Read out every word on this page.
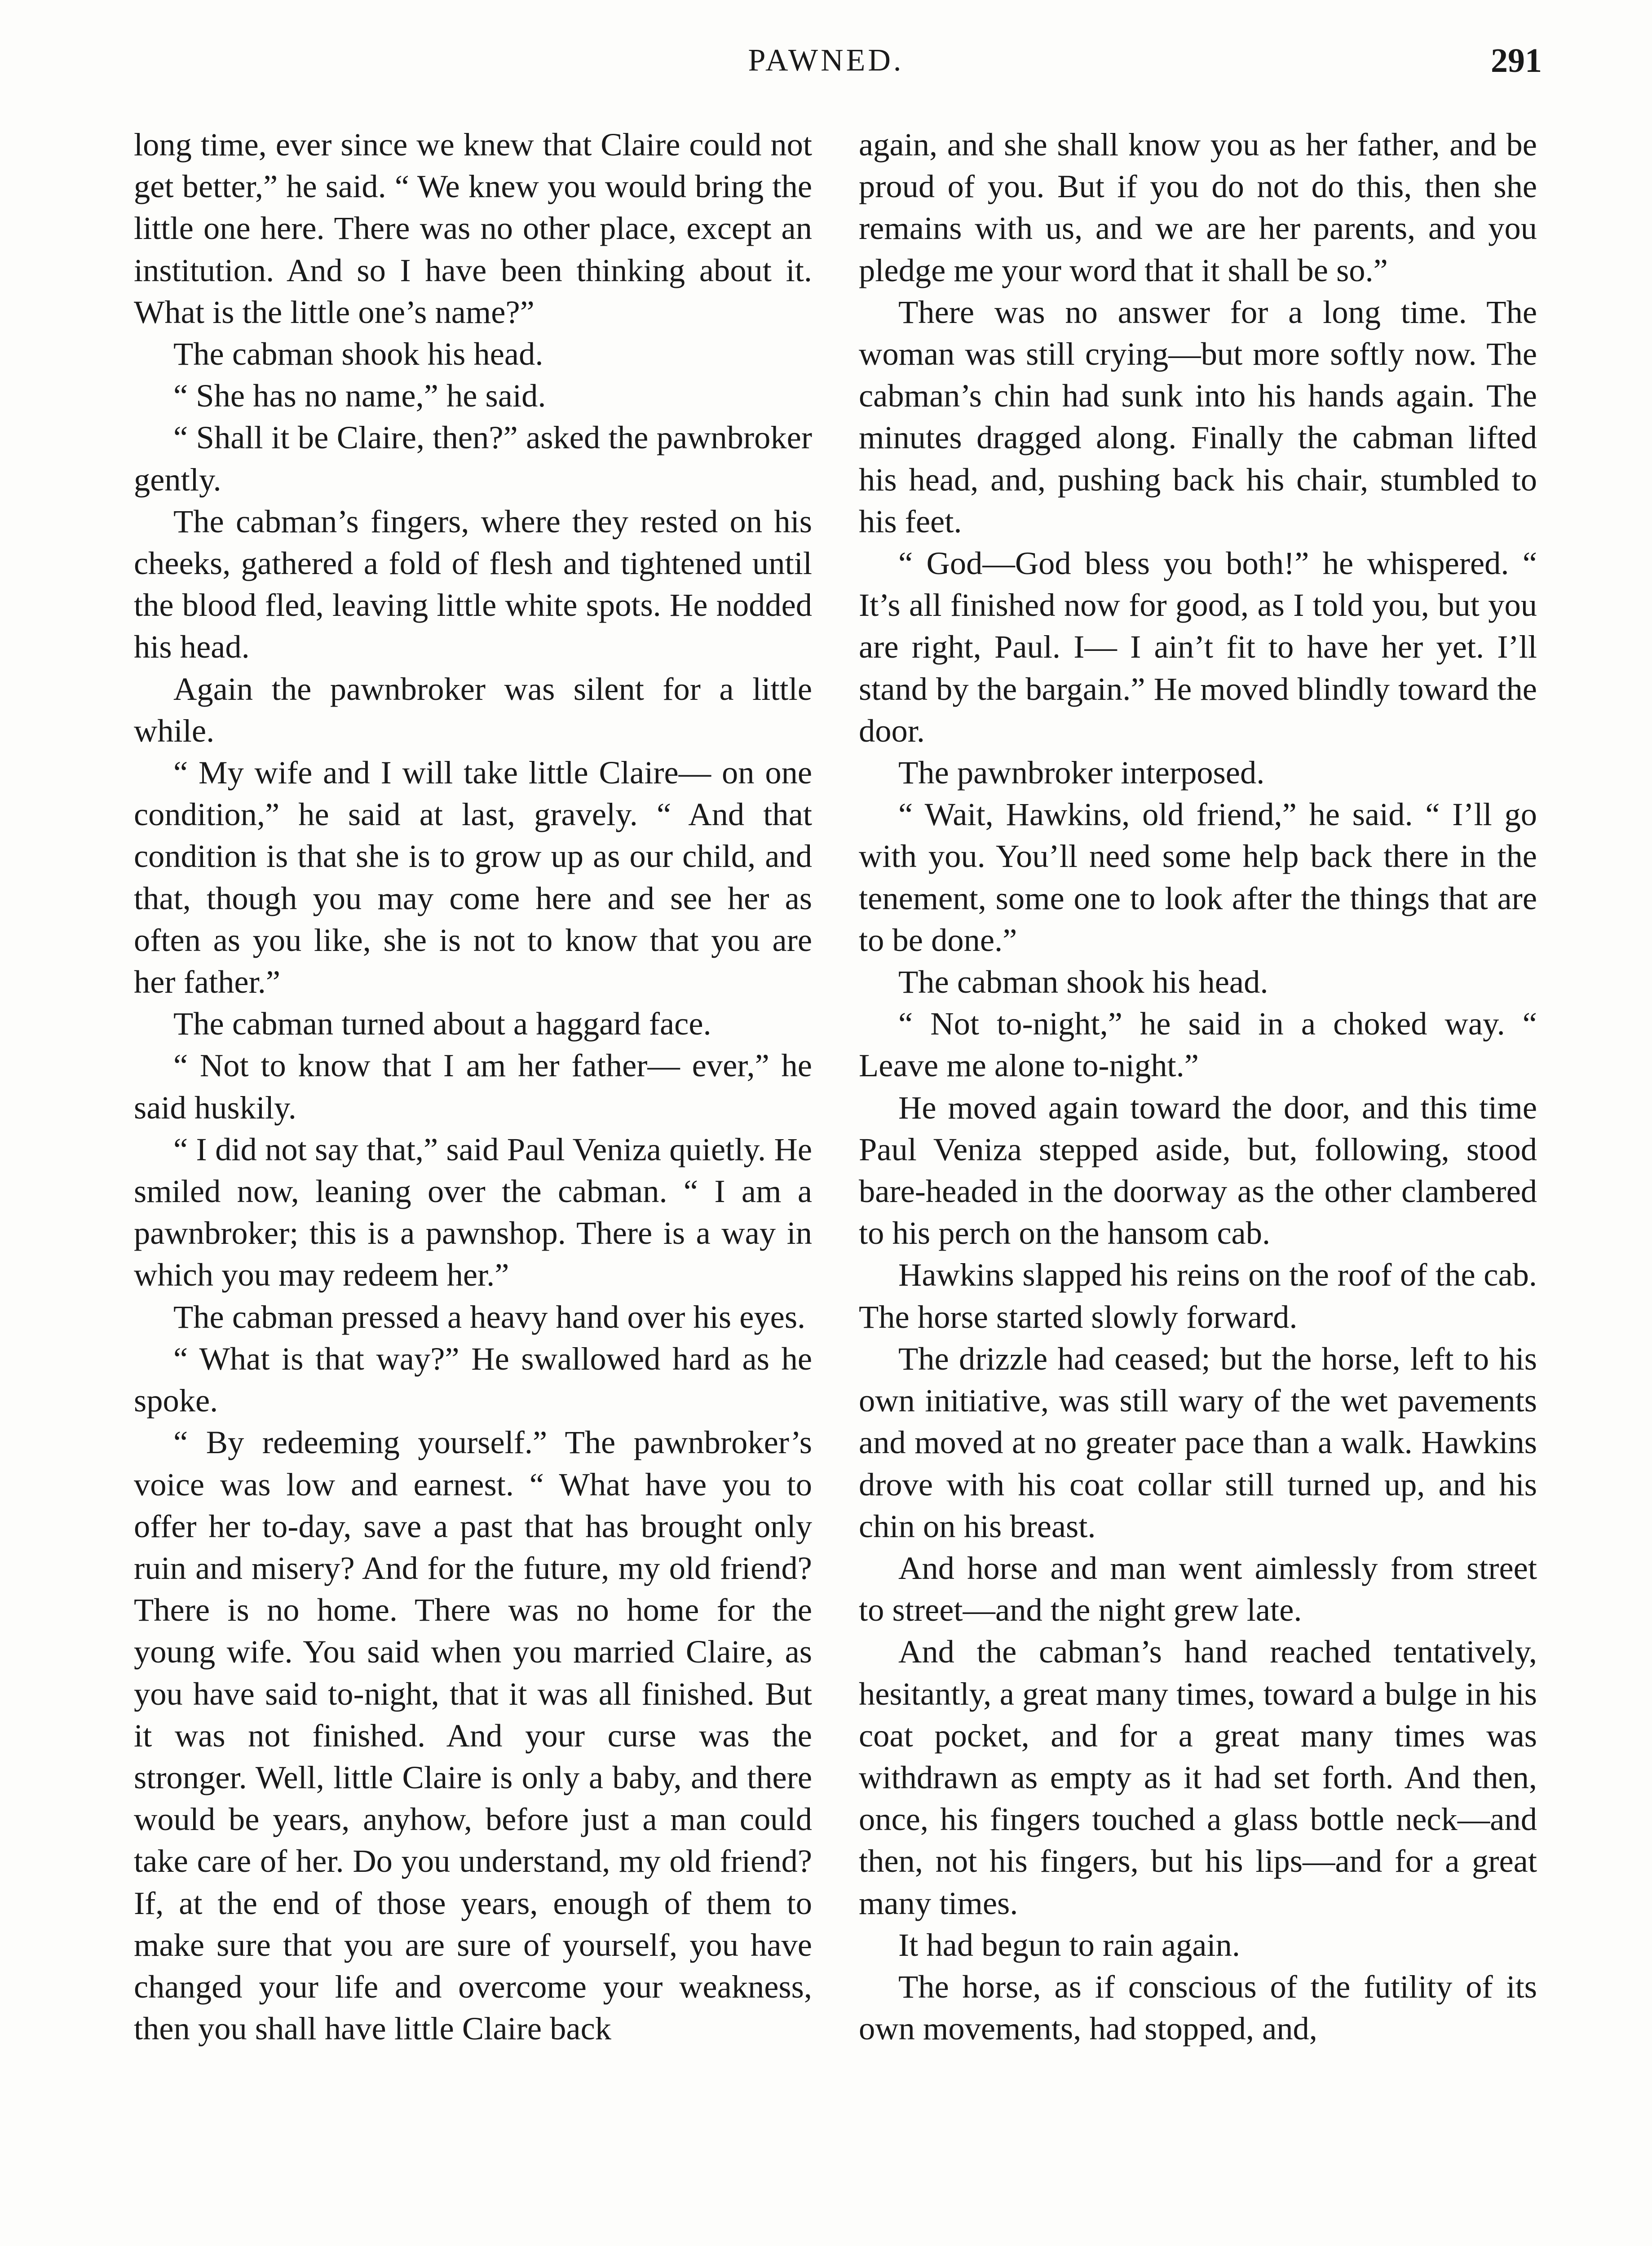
PAWNED.	291

long time, ever since we knew that Claire could not get better,” he said. “ We knew you would bring the little one here. There was no other place, except an institution. And so I have been thinking about it. What is the little one’s name?”

The cabman shook his head.

“ She has no name,” he said.

“ Shall it be Claire, then?” asked the pawnbroker gently.

The cabman’s fingers, where they rested on his cheeks, gathered a fold of flesh and tightened until the blood fled, leaving little white spots. He nodded his head.

Again the pawnbroker was silent for a little while.

“ My wife and I will take little Claire— on one condition,” he said at last, gravely. “ And that condition is that she is to grow up as our child, and that, though you may come here and see her as often as you like, she is not to know that you are her father.”

The cabman turned about a haggard face.

“ Not to know that I am her father— ever,” he said huskily.

“ I did not say that,” said Paul Veniza quietly. He smiled now, leaning over the cabman. “ I am a pawnbroker; this is a pawnshop. There is a way in which you may redeem her.”

The cabman pressed a heavy hand over his eyes.

“ What is that way?” He swallowed hard as he spoke.

“ By redeeming yourself.” The pawnbroker’s voice was low and earnest. “ What have you to offer her to-day, save a past that has brought only ruin and misery? And for the future, my old friend? There is no home. There was no home for the young wife. You said when you married Claire, as you have said to-night, that it was all finished. But it was not finished. And your curse was the stronger. Well, little Claire is only a baby, and there would be years, anyhow, before just a man could take care of her. Do you understand, my old friend? If, at the end of those years, enough of them to make sure that you are sure of yourself, you have changed your life and overcome your weakness, then you shall have little Claire back

again, and she shall know you as her father, and be proud of you. But if you do not do this, then she remains with us, and we are her parents, and you pledge me your word that it shall be so.”

There was no answer for a long time. The woman was still crying—but more softly now. The cabman’s chin had sunk into his hands again. The minutes dragged along. Finally the cabman lifted his head, and, pushing back his chair, stumbled to his feet.

“ God—God bless you both!” he whispered. “ It’s all finished now for good, as I told you, but you are right, Paul. I— I ain’t fit to have her yet. I’ll stand by the bargain.” He moved blindly toward the door.

The pawnbroker interposed.

“ Wait, Hawkins, old friend,” he said. “ I’ll go with you. You’ll need some help back there in the tenement, some one to look after the things that are to be done.”

The cabman shook his head.

“ Not to-night,” he said in a choked way. “ Leave me alone to-night.”

He moved again toward the door, and this time Paul Veniza stepped aside, but, following, stood bare-headed in the doorway as the other clambered to his perch on the hansom cab.

Hawkins slapped his reins on the roof of the cab. The horse started slowly forward.

The drizzle had ceased; but the horse, left to his own initiative, was still wary of the wet pavements and moved at no greater pace than a walk. Hawkins drove with his coat collar still turned up, and his chin on his breast.

And horse and man went aimlessly from street to street—and the night grew late.

And the cabman’s hand reached tentatively, hesitantly, a great many times, toward a bulge in his coat pocket, and for a great many times was withdrawn as empty as it had set forth. And then, once, his fingers touched a glass bottle neck—and then, not his fingers, but his lips—and for a great many times.

It had begun to rain again.

The horse, as if conscious of the futility of its own movements, had stopped, and,
